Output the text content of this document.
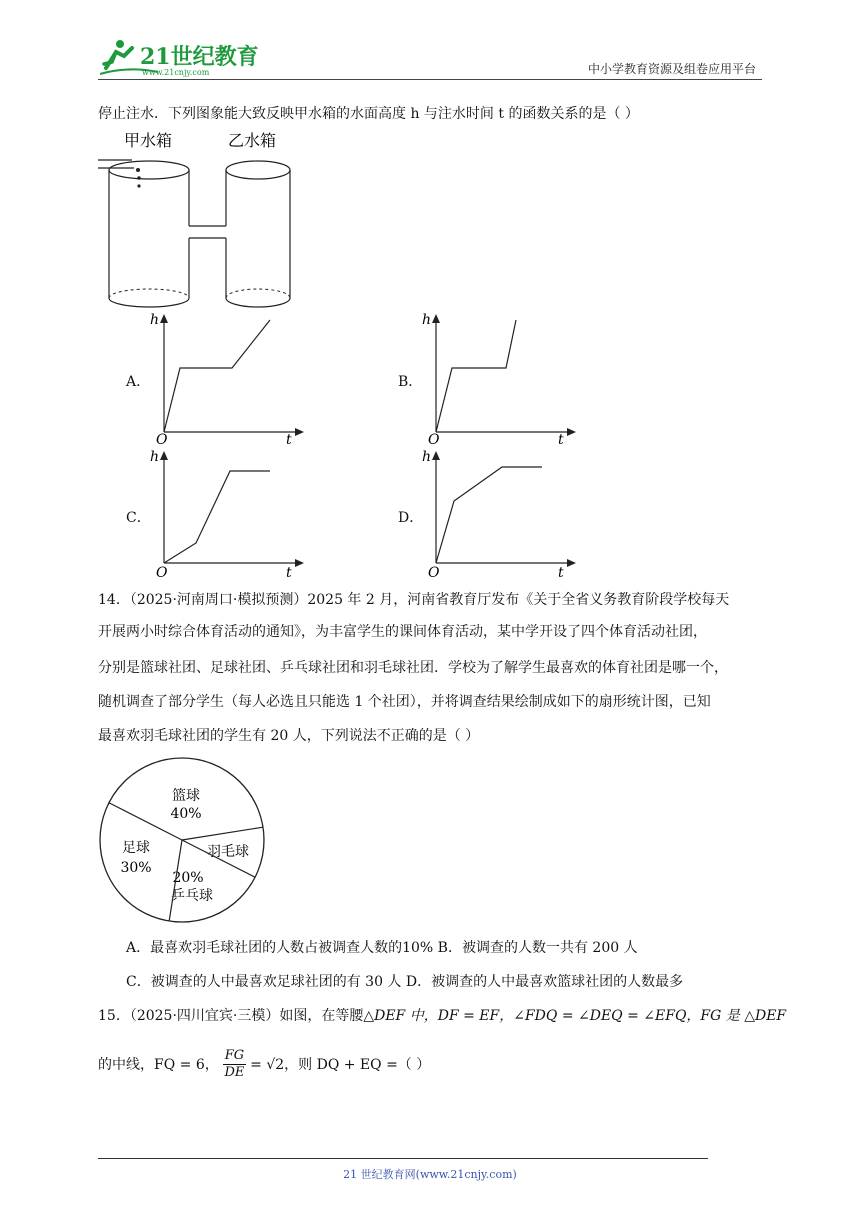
21世纪教育
www.21cnjy.com	中小学教育资源及组卷应用平台
停止注水．下列图象能大致反映甲水箱的水面高度 h 与注水时间 t 的函数关系的是（ ）
甲水箱	乙水箱
A．
h
O	t
B．
h
O	t
C．
h
O	t
D．
h
O	t
14．（2025·河南周口·模拟预测）2025 年 2 月，河南省教育厅发布《关于全省义务教育阶段学校每天
开展两小时综合体育活动的通知》，为丰富学生的课间体育活动，某中学开设了四个体育活动社团，
分别是篮球社团、足球社团、乒乓球社团和羽毛球社团．学校为了解学生最喜欢的体育社团是哪一个，
随机调查了部分学生（每人必选且只能选 1 个社团），并将调查结果绘制成如下的扇形统计图，已知
最喜欢羽毛球社团的学生有 20 人，下列说法不正确的是（ ）
篮球
40%
羽毛球
20%
乒乓球
足球
30%
A．最喜欢羽毛球社团的人数占被调查人数的10% B．被调查的人数一共有 200 人
C．被调查的人中最喜欢足球社团的有 30 人 D．被调查的人中最喜欢篮球社团的人数最多
15．（2025·四川宜宾·三模）如图，在等腰△DEF 中，DF = EF，∠FDQ = ∠DEQ = ∠EFQ，FG 是 △DEF
的中线，FQ = 6， $\frac{FG}{DE} = √2$，则 DQ + EQ =（ ）
21 世纪教育网(www.21cnjy.com)
